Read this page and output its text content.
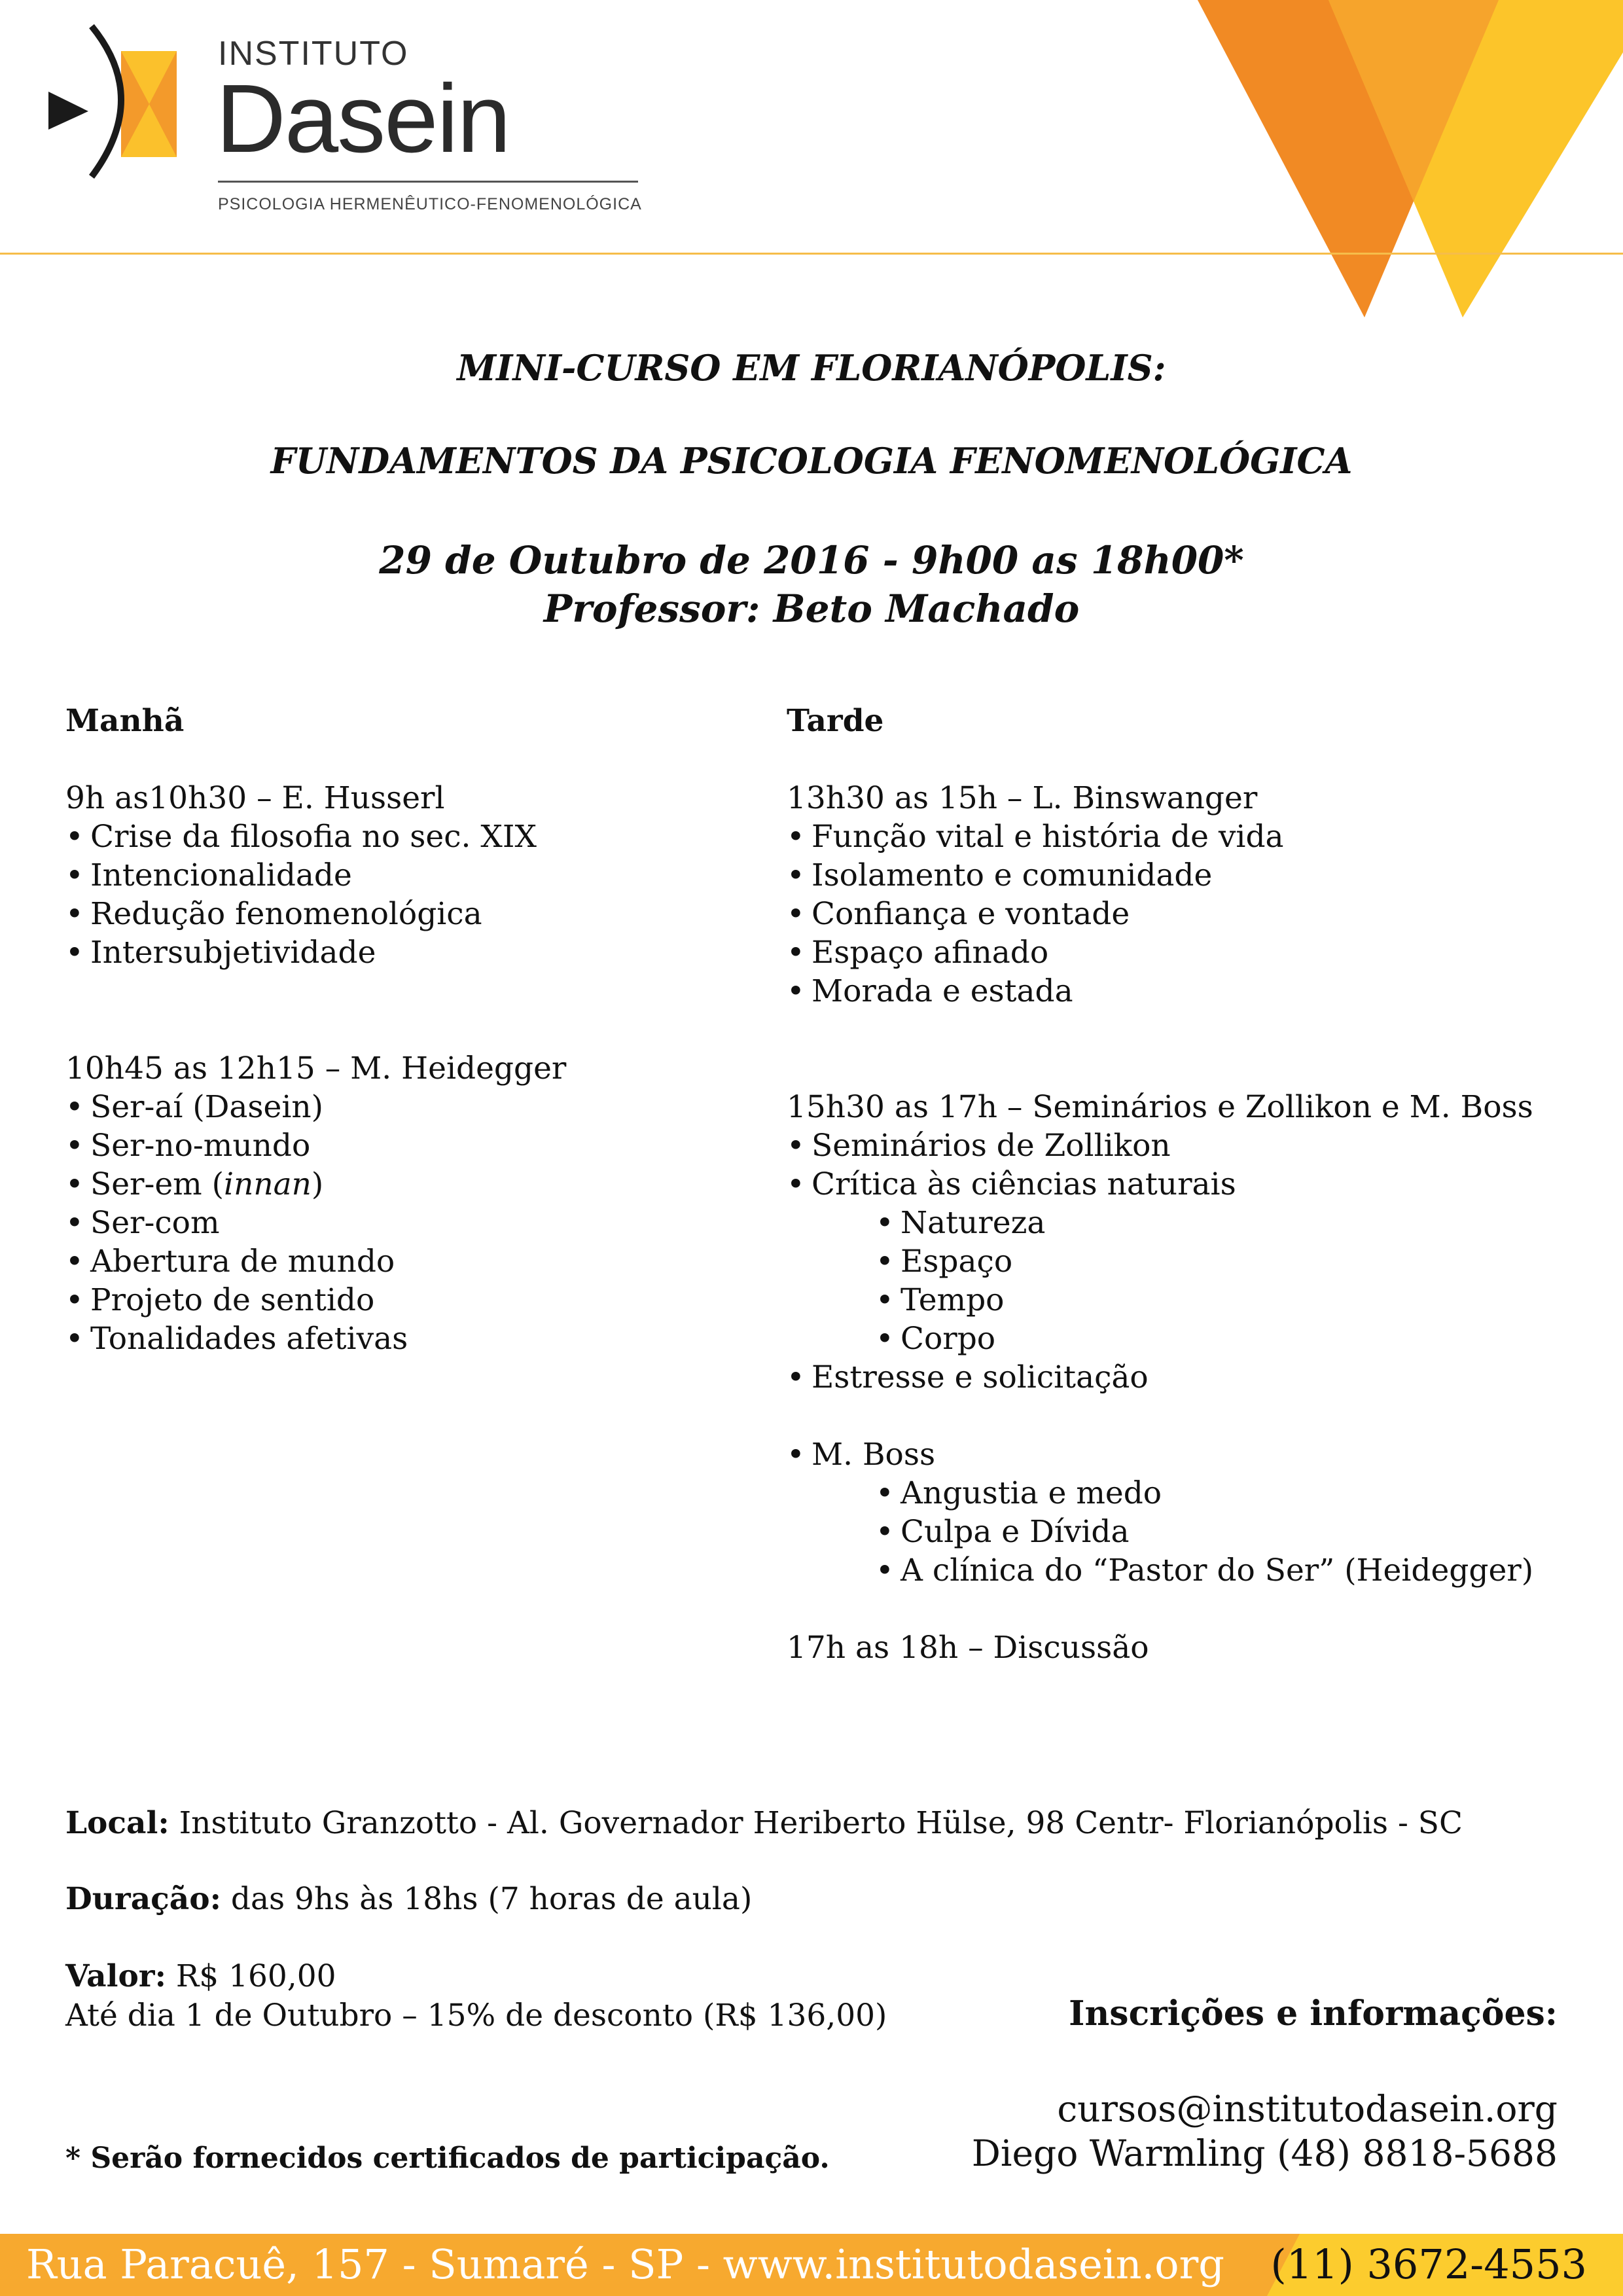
INSTITUTO
Dasein
PSICOLOGIA HERMENÊUTICO-FENOMENOLÓGICA
MINI-CURSO EM FLORIANÓPOLIS:
FUNDAMENTOS DA PSICOLOGIA FENOMENOLÓGICA
29 de Outubro de 2016 - 9h00 as 18h00*
Professor: Beto Machado
Manhã
9h as10h30 – E. Husserl
• Crise da filosofia no sec. XIX
• Intencionalidade
• Redução fenomenológica
• Intersubjetividade
10h45 as 12h15 – M. Heidegger
• Ser-aí (Dasein)
• Ser-no-mundo
• Ser-em (innan)
• Ser-com
• Abertura de mundo
• Projeto de sentido
• Tonalidades afetivas
Tarde
13h30 as 15h – L. Binswanger
• Função vital e história de vida
• Isolamento e comunidade
• Confiança e vontade
• Espaço afinado
• Morada e estada
15h30 as 17h – Seminários e Zollikon e M. Boss
• Seminários de Zollikon
• Crítica às ciências naturais
• Natureza
• Espaço
• Tempo
• Corpo
• Estresse e solicitação
• M. Boss
• Angustia e medo
• Culpa e Dívida
• A clínica do “Pastor do Ser” (Heidegger)
17h as 18h – Discussão
Local: Instituto Granzotto - Al. Governador Heriberto Hülse, 98 Centr- Florianópolis - SC
Duração: das 9hs às 18hs (7 horas de aula)
Valor: R$ 160,00
Até dia 1 de Outubro – 15% de desconto (R$ 136,00)
* Serão fornecidos certificados de participação.
Inscrições e informações:
cursos@institutodasein.org
Diego Warmling (48) 8818-5688
Rua Paracuê, 157 - Sumaré - SP - www.institutodasein.org (11) 3672-4553
